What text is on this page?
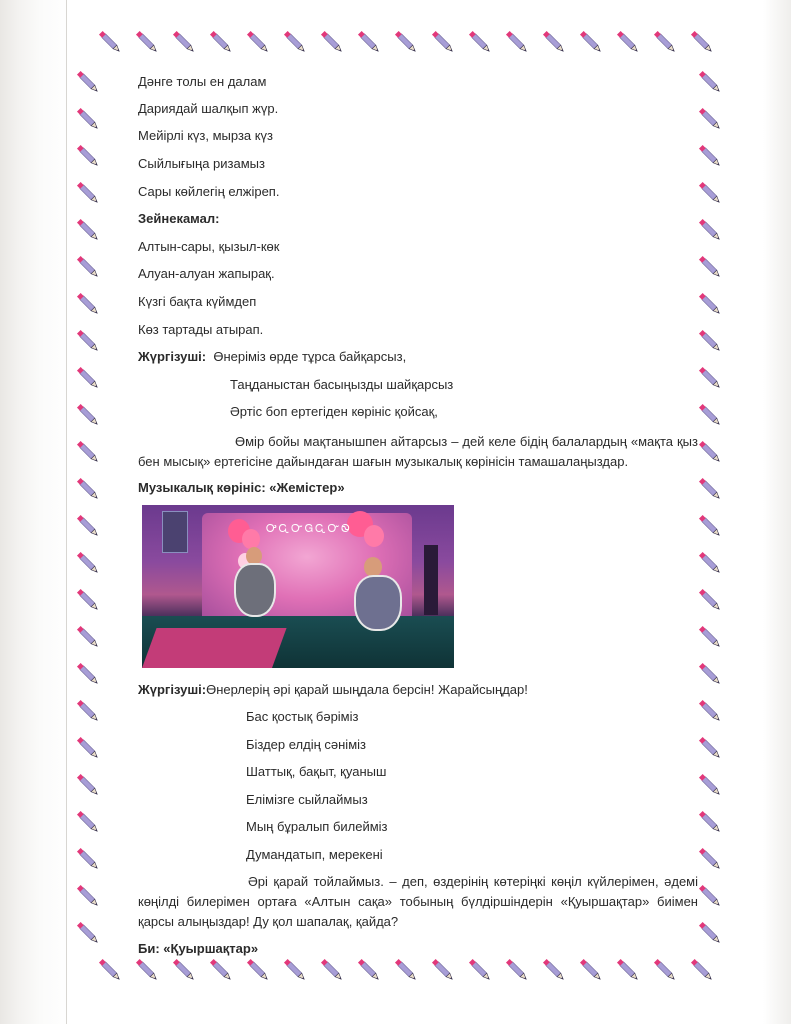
Дәнге толы ен далам
Дариядай шалқып жүр.
Мейірлі күз, мырза күз
Сыйлығыңа ризамыз
Сары көйлегің елжіреп.
Зейнекамал:
Алтын-сары, қызыл-көк
Алуан-алуан жапырақ.
Күзгі бақта күймдеп
Көз тартады атырап.
Жүргізуші: Өнеріміз өрде тұрса байқарсыз,
Таңданыстан басыңызды шайқарсыз
Әртіс боп ертегіден көрініс қойсақ,
Өмір бойы мақтанышпен айтарсыз – дей келе бідің балалардың «мақта қыз бен мысық» ертегісіне дайындаған шағын музыкалық көрінісін тамашалаңыздар.
Музыкалық көрініс: «Жемістер»
ᎤᏩᏅᏀᏩᏅᏫ
Жүргізуші:Өнерлерің әрі қарай шыңдала берсін! Жарайсыңдар!
Бас қостық бәріміз
Біздер елдің сәніміз
Шаттық, бақыт, қуаныш
Елімізге сыйлаймыз
Мың бұралып билейміз
Думандатып, мерекені
Әрі қарай тойлаймыз. – деп, өздерінің көтеріңкі көңіл күйлерімен, әдемі көңілді билерімен ортаға «Алтын сақа» тобының бүлдіршіндерін «Қуыршақтар» биімен қарсы алыңыздар! Ду қол шапалақ, қайда?
Би: «Қуыршақтар»
